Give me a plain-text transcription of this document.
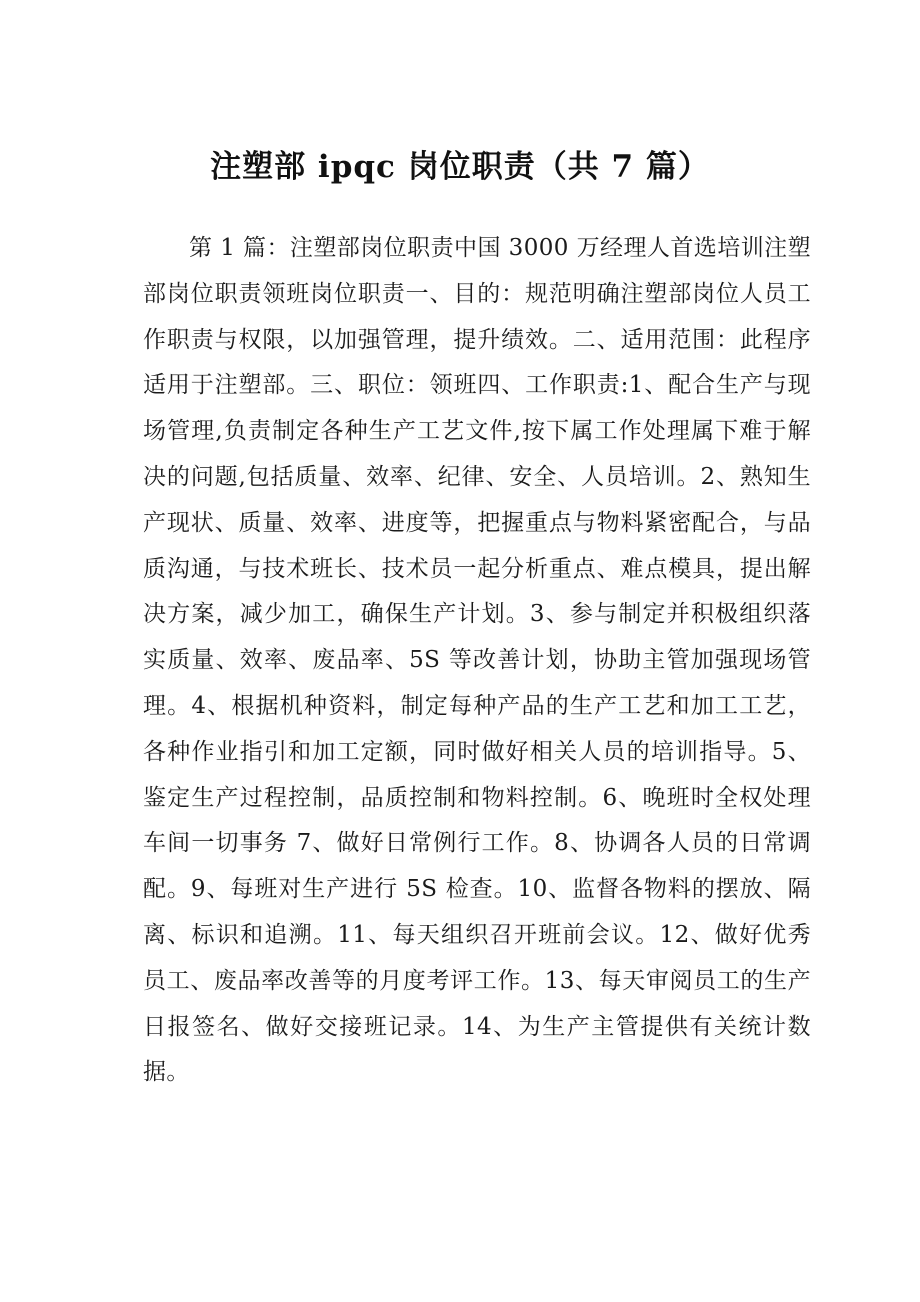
注塑部 ipqc 岗位职责（共 7 篇）

第 1 篇：注塑部岗位职责中国 3000 万经理人首选培训注塑部岗位职责领班岗位职责一、目的：规范明确注塑部岗位人员工作职责与权限，以加强管理，提升绩效。二、适用范围：此程序适用于注塑部。三、职位：领班四、工作职责:1、配合生产与现场管理,负责制定各种生产工艺文件,按下属工作处理属下难于解决的问题,包括质量、效率、纪律、安全、人员培训。2、熟知生产现状、质量、效率、进度等，把握重点与物料紧密配合，与品质沟通，与技术班长、技术员一起分析重点、难点模具，提出解决方案，减少加工，确保生产计划。3、参与制定并积极组织落实质量、效率、废品率、5S 等改善计划，协助主管加强现场管理。4、根据机种资料，制定每种产品的生产工艺和加工工艺，各种作业指引和加工定额，同时做好相关人员的培训指导。5、鉴定生产过程控制，品质控制和物料控制。6、晚班时全权处理车间一切事务 7、做好日常例行工作。8、协调各人员的日常调配。9、每班对生产进行 5S 检查。10、监督各物料的摆放、隔离、标识和追溯。11、每天组织召开班前会议。12、做好优秀员工、废品率改善等的月度考评工作。13、每天审阅员工的生产日报签名、做好交接班记录。14、为生产主管提供有关统计数据。
